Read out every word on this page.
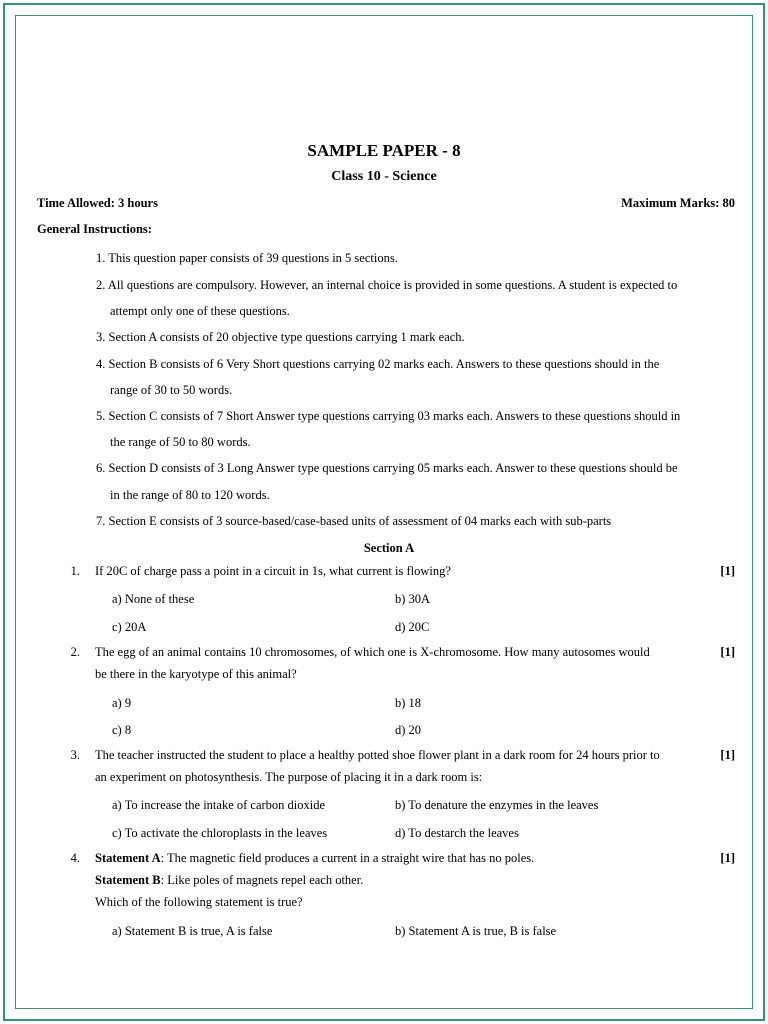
SAMPLE PAPER - 8
Class 10 - Science
Time Allowed: 3 hours	Maximum Marks: 80
General Instructions:
1. This question paper consists of 39 questions in 5 sections.
2. All questions are compulsory. However, an internal choice is provided in some questions. A student is expected to
attempt only one of these questions.
3. Section A consists of 20 objective type questions carrying 1 mark each.
4. Section B consists of 6 Very Short questions carrying 02 marks each. Answers to these questions should in the
range of 30 to 50 words.
5. Section C consists of 7 Short Answer type questions carrying 03 marks each. Answers to these questions should in
the range of 50 to 80 words.
6. Section D consists of 3 Long Answer type questions carrying 05 marks each. Answer to these questions should be
in the range of 80 to 120 words.
7. Section E consists of 3 source-based/case-based units of assessment of 04 marks each with sub-parts
Section A
1. If 20C of charge pass a point in a circuit in 1s, what current is flowing?	[1]
a) None of these	b) 30A
c) 20A	d) 20C
2. The egg of an animal contains 10 chromosomes, of which one is X-chromosome. How many autosomes would
be there in the karyotype of this animal?
[1]
a) 9	b) 18
c) 8	d) 20
3. The teacher instructed the student to place a healthy potted shoe flower plant in a dark room for 24 hours prior to
an experiment on photosynthesis. The purpose of placing it in a dark room is:
[1]
a) To increase the intake of carbon dioxide	b) To denature the enzymes in the leaves
c) To activate the chloroplasts in the leaves	d) To destarch the leaves
4. Statement A: The magnetic field produces a current in a straight wire that has no poles.	[1]
Statement B: Like poles of magnets repel each other.
Which of the following statement is true?
a) Statement B is true, A is false	b) Statement A is true, B is false
